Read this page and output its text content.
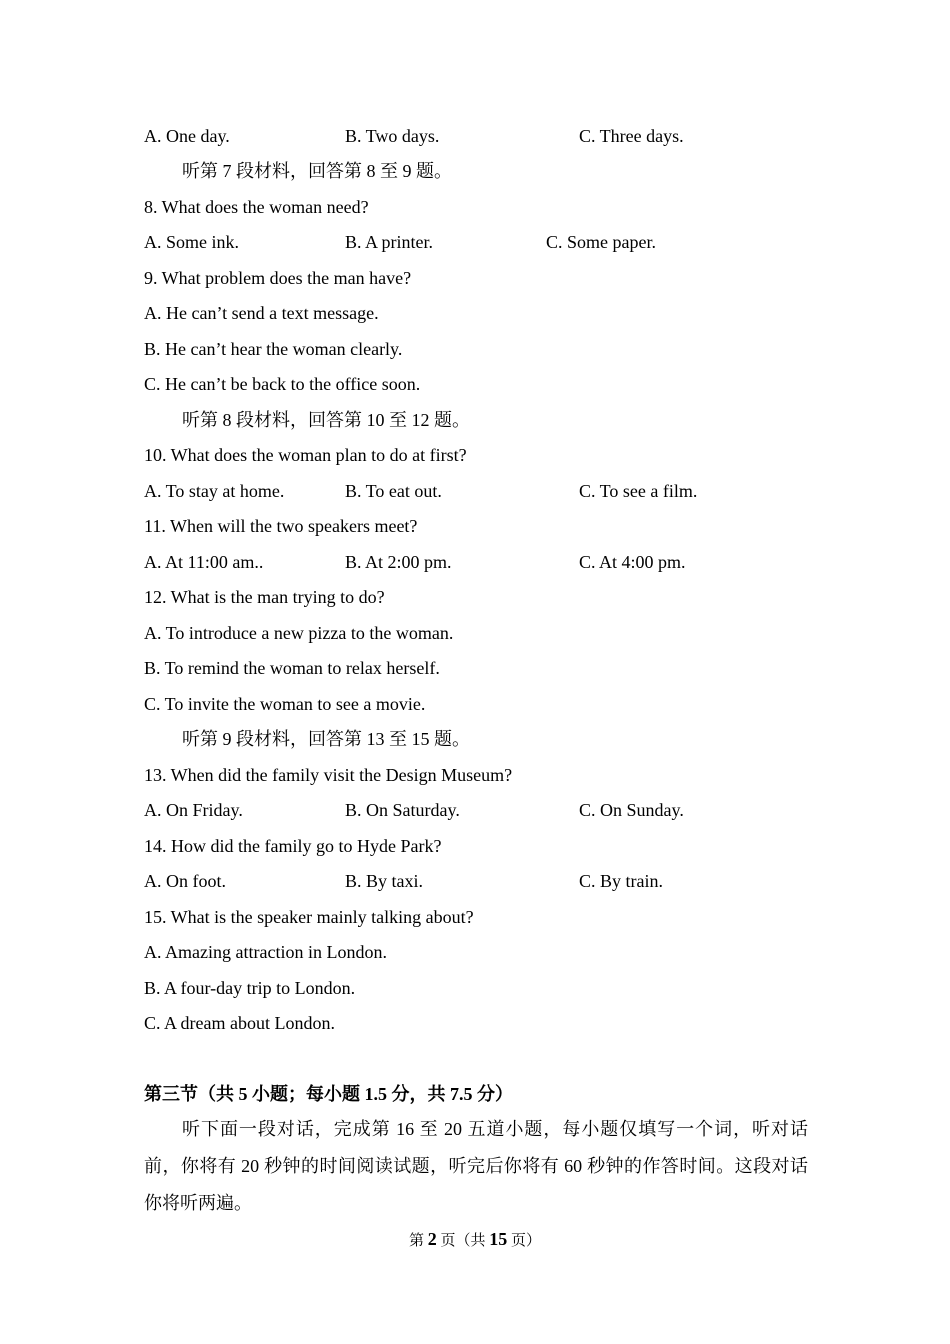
A. One day.	B. Two days.	C. Three days.
听第 7 段材料，回答第 8 至 9 题。
8. What does the woman need?
A. Some ink.	B. A printer.	C. Some paper.
9. What problem does the man have?
A. He can’t send a text message.
B. He can’t hear the woman clearly.
C. He can’t be back to the office soon.
听第 8 段材料，回答第 10 至 12 题。
10. What does the woman plan to do at first?
A. To stay at home.	B. To eat out.	C. To see a film.
11. When will the two speakers meet?
A. At 11:00 am..	B. At 2:00 pm.	C. At 4:00 pm.
12. What is the man trying to do?
A. To introduce a new pizza to the woman.
B. To remind the woman to relax herself.
C. To invite the woman to see a movie.
听第 9 段材料，回答第 13 至 15 题。
13. When did the family visit the Design Museum?
A. On Friday.	B. On Saturday.	C. On Sunday.
14. How did the family go to Hyde Park?
A. On foot.	B. By taxi.	C. By train.
15. What is the speaker mainly talking about?
A. Amazing attraction in London.
B. A four-day trip to London.
C. A dream about London.
第三节（共 5 小题；每小题 1.5 分，共 7.5 分）
听下面一段对话，完成第 16 至 20 五道小题，每小题仅填写一个词，听对话前，你将有 20 秒钟的时间阅读试题，听完后你将有 60 秒钟的作答时间。这段对话你将听两遍。
第 2 页（共 15 页）
